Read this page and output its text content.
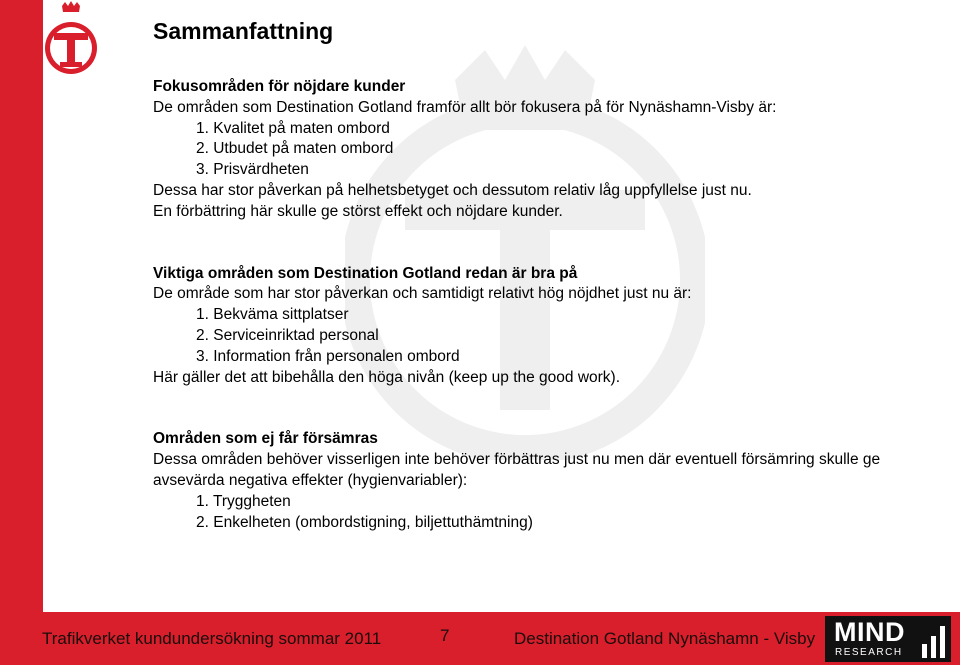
Sammanfattning
Fokusområden för nöjdare kunder
De områden som Destination Gotland framför allt bör fokusera på för Nynäshamn-Visby är:
1. Kvalitet på maten ombord
2. Utbudet på maten ombord
3. Prisvärdheten
Dessa har stor påverkan på helhetsbetyget och dessutom relativ låg uppfyllelse just nu.
En förbättring här skulle ge störst effekt och nöjdare kunder.
Viktiga områden som Destination Gotland redan är bra på
De område som har stor påverkan och samtidigt relativt hög nöjdhet just nu är:
1. Bekväma sittplatser
2. Serviceinriktad personal
3. Information från personalen ombord
Här gäller det att bibehålla den höga nivån (keep up the good work).
Områden som ej får försämras
Dessa områden behöver visserligen inte behöver förbättras just nu men där eventuell försämring skulle ge avsevärda negativa effekter (hygienvariabler):
1. Tryggheten
2. Enkelheten (ombordstigning, biljettuthämtning)
Trafikverket kundundersökning sommar 2011	7	Destination Gotland Nynäshamn - Visby MIND
RESEARCH
